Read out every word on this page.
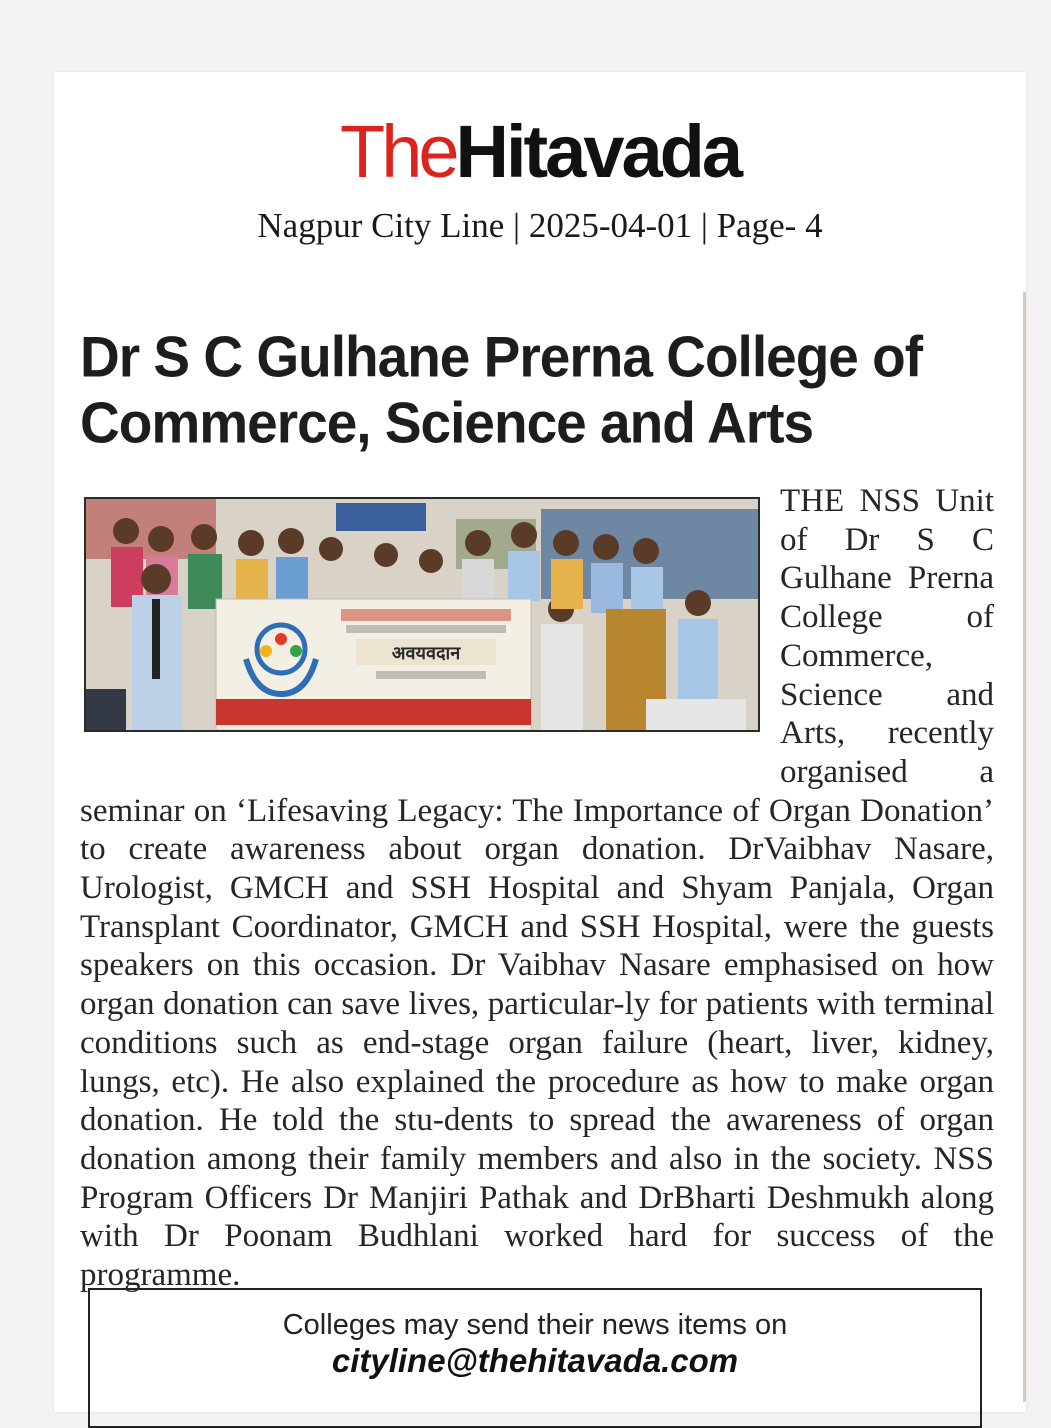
TheHitavada
Nagpur City Line | 2025-04-01 | Page- 4
Dr S C Gulhane Prerna College of
Commerce, Science and Arts
THE NSS Unit of Dr S C Gulhane Prerna College of Commerce, Science and Arts, recently organised a seminar on ‘Lifesaving Legacy: The Importance of Organ Donation’ to create awareness about organ donation. DrVaibhav Nasare, Urologist, GMCH and SSH Hospital and Shyam Panjala, Organ Transplant Coordinator, GMCH and SSH Hospital, were the guests speakers on this occasion. Dr Vaibhav Nasare emphasised on how organ donation can save lives, particular-ly for patients with terminal conditions such as end-stage organ failure (heart, liver, kidney, lungs, etc). He also explained the procedure as how to make organ donation. He told the stu-dents to spread the awareness of organ donation among their family members and also in the society. NSS Program Officers Dr Manjiri Pathak and DrBharti Deshmukh along with Dr Poonam Budhlani worked hard for success of the programme.
अवयवदान
Colleges may send their news items on
cityline@thehitavada.com
